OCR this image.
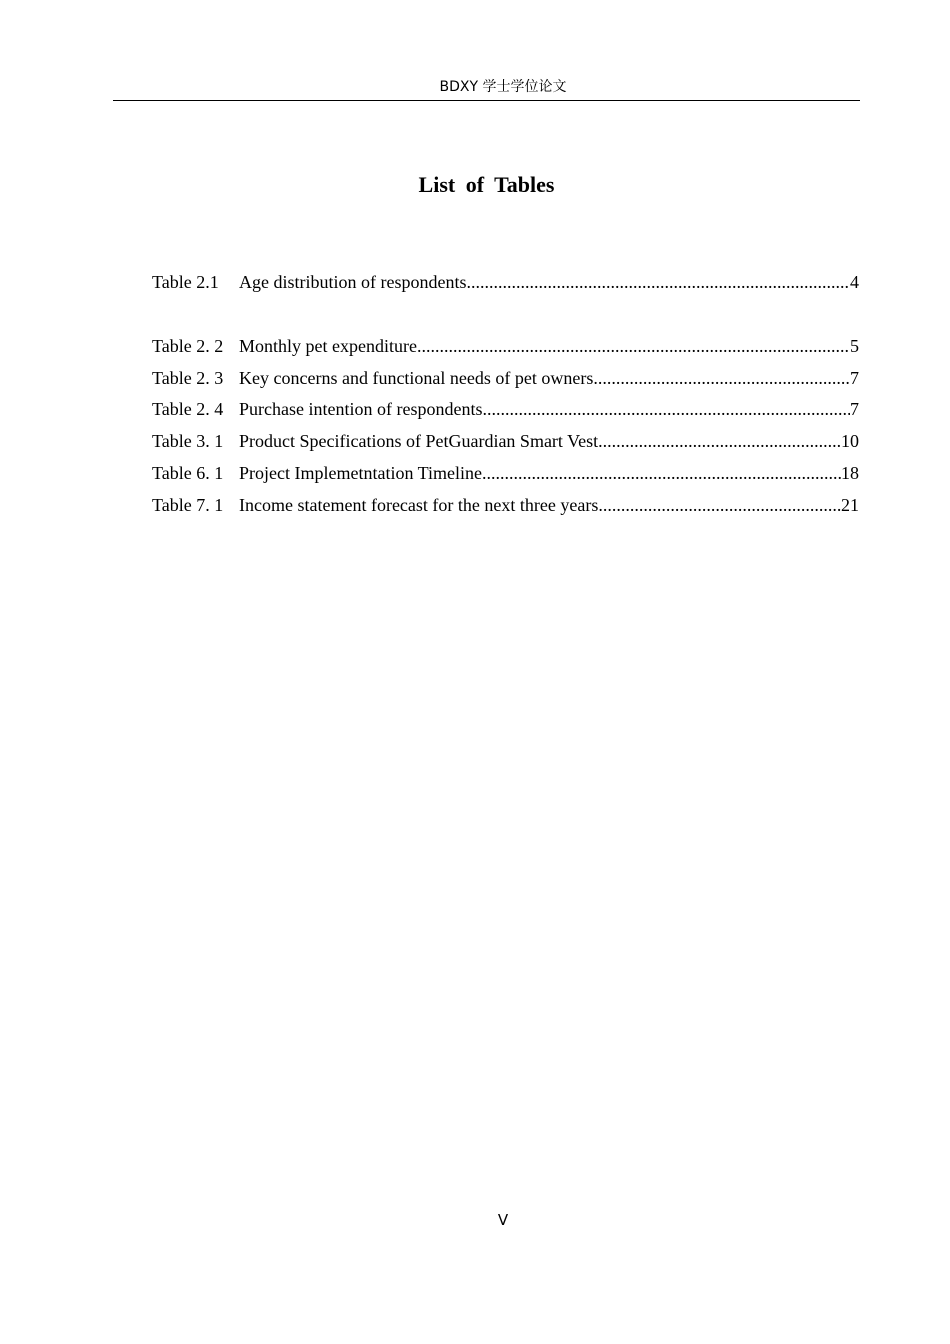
BDXY 学士学位论文
List of Tables
Table 2.1	Age distribution of respondents .....	4
Table 2. 2 Monthly pet expenditure .....	5
Table 2. 3 Key concerns and functional needs of pet owners .....	7
Table 2. 4 Purchase intention of respondents .....	7
Table 3. 1 Product Specifications of PetGuardian Smart Vest .....	10
Table 6. 1 Project Implemetntation Timeline .....	18
Table 7. 1 Income statement forecast for the next three years .....	21
V
